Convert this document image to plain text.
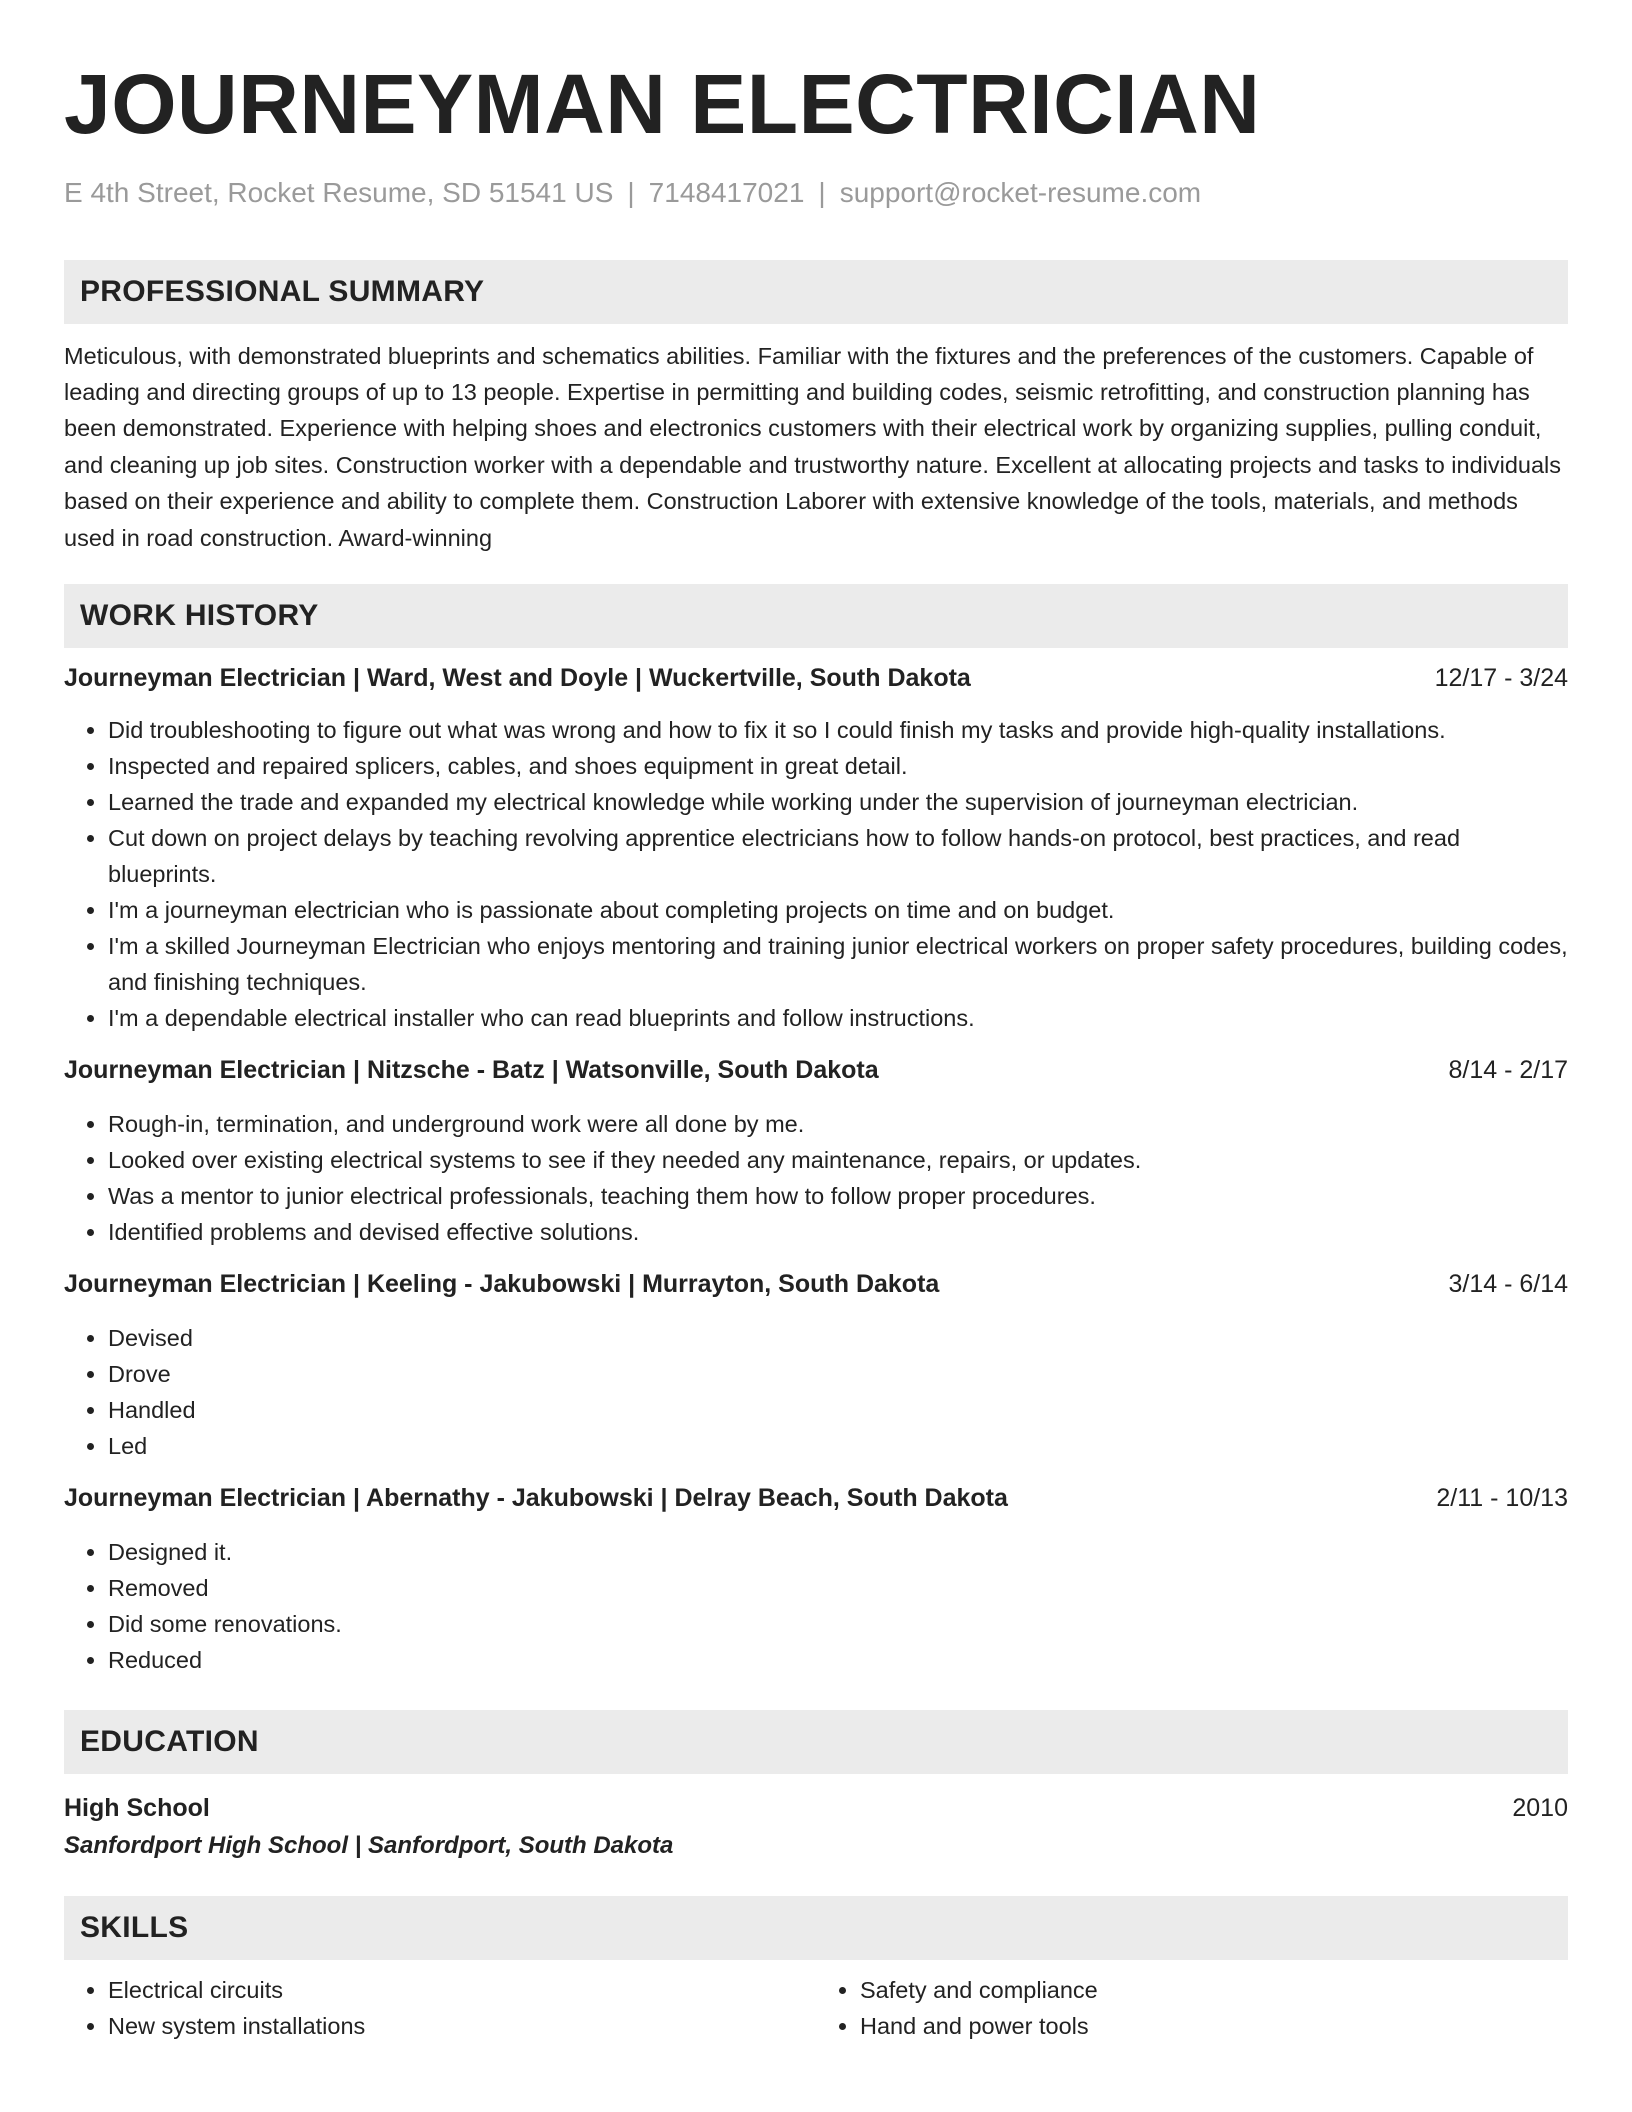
JOURNEYMAN ELECTRICIAN
E 4th Street, Rocket Resume, SD 51541 US | 7148417021 | support@rocket-resume.com
PROFESSIONAL SUMMARY
Meticulous, with demonstrated blueprints and schematics abilities. Familiar with the fixtures and the preferences of the customers. Capable of leading and directing groups of up to 13 people. Expertise in permitting and building codes, seismic retrofitting, and construction planning has been demonstrated. Experience with helping shoes and electronics customers with their electrical work by organizing supplies, pulling conduit, and cleaning up job sites. Construction worker with a dependable and trustworthy nature. Excellent at allocating projects and tasks to individuals based on their experience and ability to complete them. Construction Laborer with extensive knowledge of the tools, materials, and methods used in road construction. Award-winning
WORK HISTORY
Journeyman Electrician | Ward, West and Doyle | Wuckertville, South Dakota	12/17 - 3/24
• Did troubleshooting to figure out what was wrong and how to fix it so I could finish my tasks and provide high-quality installations.
• Inspected and repaired splicers, cables, and shoes equipment in great detail.
• Learned the trade and expanded my electrical knowledge while working under the supervision of journeyman electrician.
• Cut down on project delays by teaching revolving apprentice electricians how to follow hands-on protocol, best practices, and read blueprints.
• I'm a journeyman electrician who is passionate about completing projects on time and on budget.
• I'm a skilled Journeyman Electrician who enjoys mentoring and training junior electrical workers on proper safety procedures, building codes, and finishing techniques.
• I'm a dependable electrical installer who can read blueprints and follow instructions.
Journeyman Electrician | Nitzsche - Batz | Watsonville, South Dakota	8/14 - 2/17
• Rough-in, termination, and underground work were all done by me.
• Looked over existing electrical systems to see if they needed any maintenance, repairs, or updates.
• Was a mentor to junior electrical professionals, teaching them how to follow proper procedures.
• Identified problems and devised effective solutions.
Journeyman Electrician | Keeling - Jakubowski | Murrayton, South Dakota	3/14 - 6/14
• Devised
• Drove
• Handled
• Led
Journeyman Electrician | Abernathy - Jakubowski | Delray Beach, South Dakota	2/11 - 10/13
• Designed it.
• Removed
• Did some renovations.
• Reduced
EDUCATION
High School	2010
Sanfordport High School | Sanfordport, South Dakota
SKILLS
• Electrical circuits
• New system installations
• Safety and compliance
• Hand and power tools
